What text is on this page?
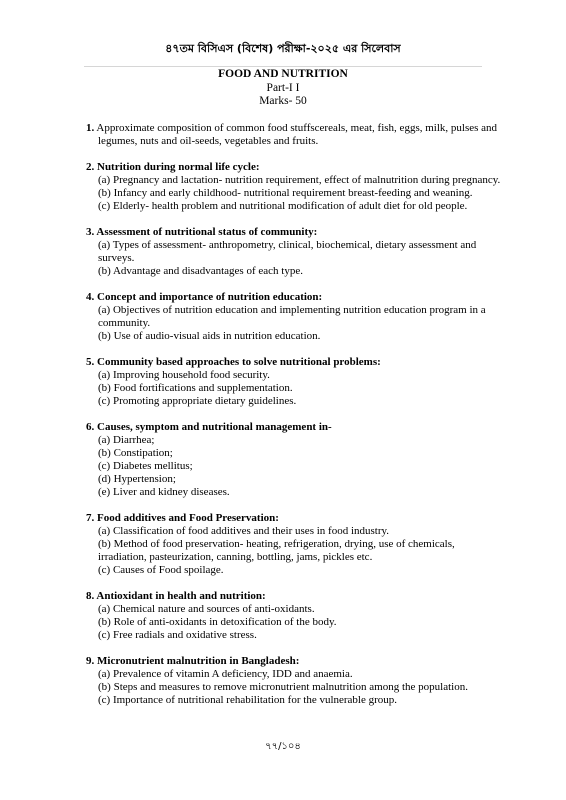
৪৭তম বিসিএস (বিশেষ) পরীক্ষা-২০২৫ এর সিলেবাস
FOOD AND NUTRITION
Part-I I
Marks- 50
1. Approximate composition of common food stuffscereals, meat, fish, eggs, milk, pulses and legumes, nuts and oil-seeds, vegetables and fruits.
2. Nutrition during normal life cycle:
(a) Pregnancy and lactation- nutrition requirement, effect of malnutrition during pregnancy.
(b) Infancy and early childhood- nutritional requirement breast-feeding and weaning.
(c) Elderly- health problem and nutritional modification of adult diet for old people.
3. Assessment of nutritional status of community:
(a) Types of assessment- anthropometry, clinical, biochemical, dietary assessment and surveys.
(b) Advantage and disadvantages of each type.
4. Concept and importance of nutrition education:
(a) Objectives of nutrition education and implementing nutrition education program in a community.
(b) Use of audio-visual aids in nutrition education.
5. Community based approaches to solve nutritional problems:
(a) Improving household food security.
(b) Food fortifications and supplementation.
(c) Promoting appropriate dietary guidelines.
6. Causes, symptom and nutritional management in-
(a) Diarrhea;
(b) Constipation;
(c) Diabetes mellitus;
(d) Hypertension;
(e) Liver and kidney diseases.
7. Food additives and Food Preservation:
(a) Classification of food additives and their uses in food industry.
(b) Method of food preservation- heating, refrigeration, drying, use of chemicals, irradiation, pasteurization, canning, bottling, jams, pickles etc.
(c) Causes of Food spoilage.
8. Antioxidant in health and nutrition:
(a) Chemical nature and sources of anti-oxidants.
(b) Role of anti-oxidants in detoxification of the body.
(c) Free radials and oxidative stress.
9. Micronutrient malnutrition in Bangladesh:
(a) Prevalence of vitamin A deficiency, IDD and anaemia.
(b) Steps and measures to remove micronutrient malnutrition among the population.
(c) Importance of nutritional rehabilitation for the vulnerable group.
৭৭/১০৪
